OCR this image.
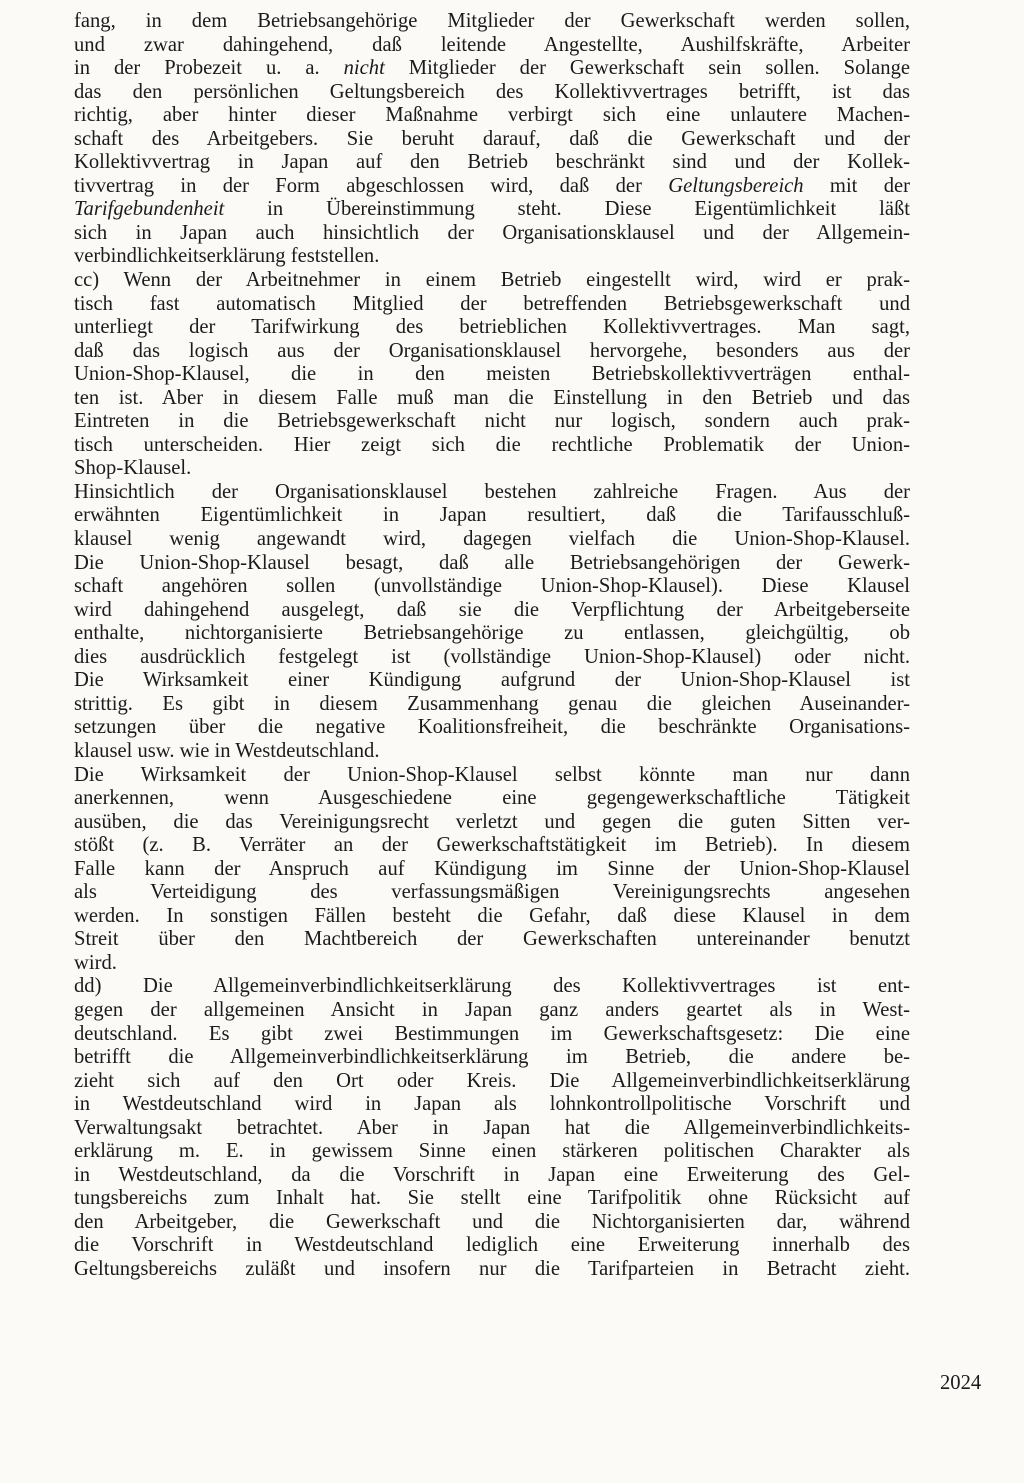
fang, in dem Betriebsangehörige Mitglieder der Gewerkschaft werden sollen,
und zwar dahingehend, daß leitende Angestellte, Aushilfskräfte, Arbeiter
in der Probezeit u. a. nicht Mitglieder der Gewerkschaft sein sollen. Solange
das den persönlichen Geltungsbereich des Kollektivvertrages betrifft, ist das
richtig, aber hinter dieser Maßnahme verbirgt sich eine unlautere Machen-
schaft des Arbeitgebers. Sie beruht darauf, daß die Gewerkschaft und der
Kollektivvertrag in Japan auf den Betrieb beschränkt sind und der Kollek-
tivvertrag in der Form abgeschlossen wird, daß der Geltungsbereich mit der
Tarifgebundenheit in Übereinstimmung steht. Diese Eigentümlichkeit läßt
sich in Japan auch hinsichtlich der Organisationsklausel und der Allgemein-
verbindlichkeitserklärung feststellen.
cc) Wenn der Arbeitnehmer in einem Betrieb eingestellt wird, wird er prak-
tisch fast automatisch Mitglied der betreffenden Betriebsgewerkschaft und
unterliegt der Tarifwirkung des betrieblichen Kollektivvertrages. Man sagt,
daß das logisch aus der Organisationsklausel hervorgehe, besonders aus der
Union-Shop-Klausel, die in den meisten Betriebskollektivverträgen enthal-
ten ist. Aber in diesem Falle muß man die Einstellung in den Betrieb und das
Eintreten in die Betriebsgewerkschaft nicht nur logisch, sondern auch prak-
tisch unterscheiden. Hier zeigt sich die rechtliche Problematik der Union-
Shop-Klausel.
Hinsichtlich der Organisationsklausel bestehen zahlreiche Fragen. Aus der
erwähnten Eigentümlichkeit in Japan resultiert, daß die Tarifausschluß-
klausel wenig angewandt wird, dagegen vielfach die Union-Shop-Klausel.
Die Union-Shop-Klausel besagt, daß alle Betriebsangehörigen der Gewerk-
schaft angehören sollen (unvollständige Union-Shop-Klausel). Diese Klausel
wird dahingehend ausgelegt, daß sie die Verpflichtung der Arbeitgeberseite
enthalte, nichtorganisierte Betriebsangehörige zu entlassen, gleichgültig, ob
dies ausdrücklich festgelegt ist (vollständige Union-Shop-Klausel) oder nicht.
Die Wirksamkeit einer Kündigung aufgrund der Union-Shop-Klausel ist
strittig. Es gibt in diesem Zusammenhang genau die gleichen Auseinander-
setzungen über die negative Koalitionsfreiheit, die beschränkte Organisations-
klausel usw. wie in Westdeutschland.
Die Wirksamkeit der Union-Shop-Klausel selbst könnte man nur dann
anerkennen, wenn Ausgeschiedene eine gegengewerkschaftliche Tätigkeit
ausüben, die das Vereinigungsrecht verletzt und gegen die guten Sitten ver-
stößt (z. B. Verräter an der Gewerkschaftstätigkeit im Betrieb). In diesem
Falle kann der Anspruch auf Kündigung im Sinne der Union-Shop-Klausel
als Verteidigung des verfassungsmäßigen Vereinigungsrechts angesehen
werden. In sonstigen Fällen besteht die Gefahr, daß diese Klausel in dem
Streit über den Machtbereich der Gewerkschaften untereinander benutzt
wird.
dd) Die Allgemeinverbindlichkeitserklärung des Kollektivvertrages ist ent-
gegen der allgemeinen Ansicht in Japan ganz anders geartet als in West-
deutschland. Es gibt zwei Bestimmungen im Gewerkschaftsgesetz: Die eine
betrifft die Allgemeinverbindlichkeitserklärung im Betrieb, die andere be-
zieht sich auf den Ort oder Kreis. Die Allgemeinverbindlichkeitserklärung
in Westdeutschland wird in Japan als lohnkontrollpolitische Vorschrift und
Verwaltungsakt betrachtet. Aber in Japan hat die Allgemeinverbindlichkeits-
erklärung m. E. in gewissem Sinne einen stärkeren politischen Charakter als
in Westdeutschland, da die Vorschrift in Japan eine Erweiterung des Gel-
tungsbereichs zum Inhalt hat. Sie stellt eine Tarifpolitik ohne Rücksicht auf
den Arbeitgeber, die Gewerkschaft und die Nichtorganisierten dar, während
die Vorschrift in Westdeutschland lediglich eine Erweiterung innerhalb des
Geltungsbereichs zuläßt und insofern nur die Tarifparteien in Betracht zieht.
2024
